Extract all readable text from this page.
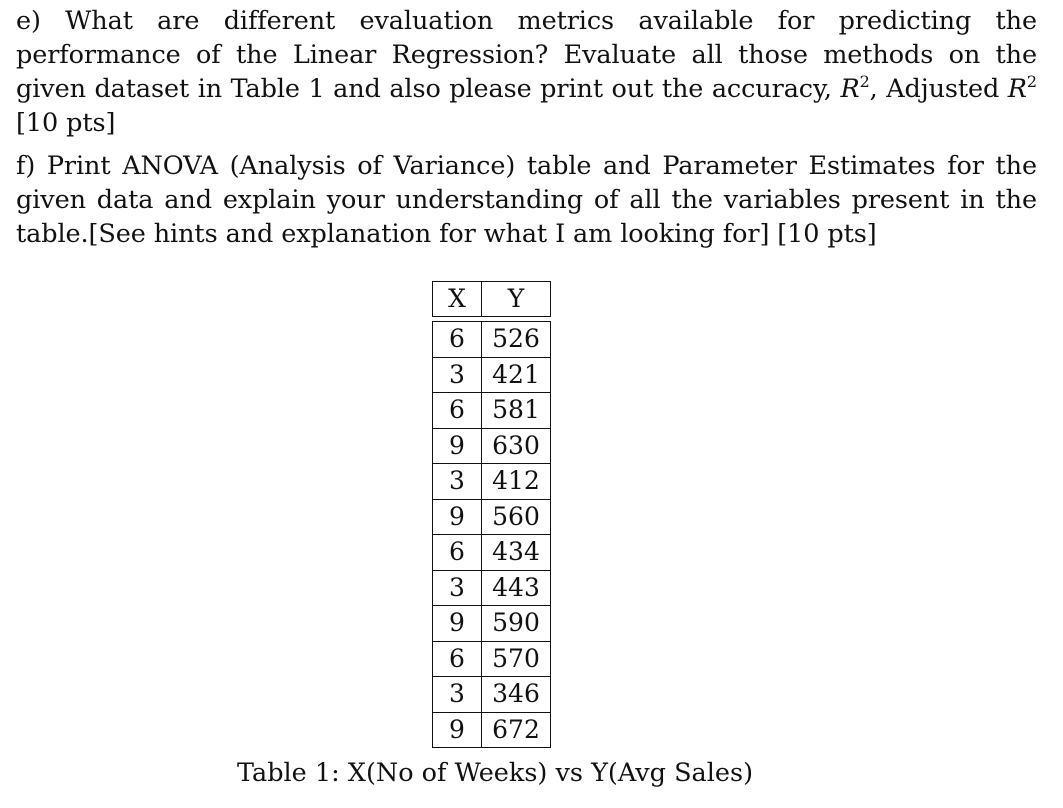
e) What are different evaluation metrics available for predicting the performance of the Linear Regression? Evaluate all those methods on the given dataset in Table 1 and also please print out the accuracy, $R^2$, Adjusted $R^2$ [10 pts]

f) Print ANOVA (Analysis of Variance) table and Parameter Estimates for the given data and explain your understanding of all the variables present in the table.[See hints and explanation for what I am looking for] [10 pts]

X	Y

6	526
3	421
6	581
9	630
3	412
9	560
6	434
3	443
9	590
6	570
3	346
9	672
Table 1: X(No of Weeks) vs Y(Avg Sales)
